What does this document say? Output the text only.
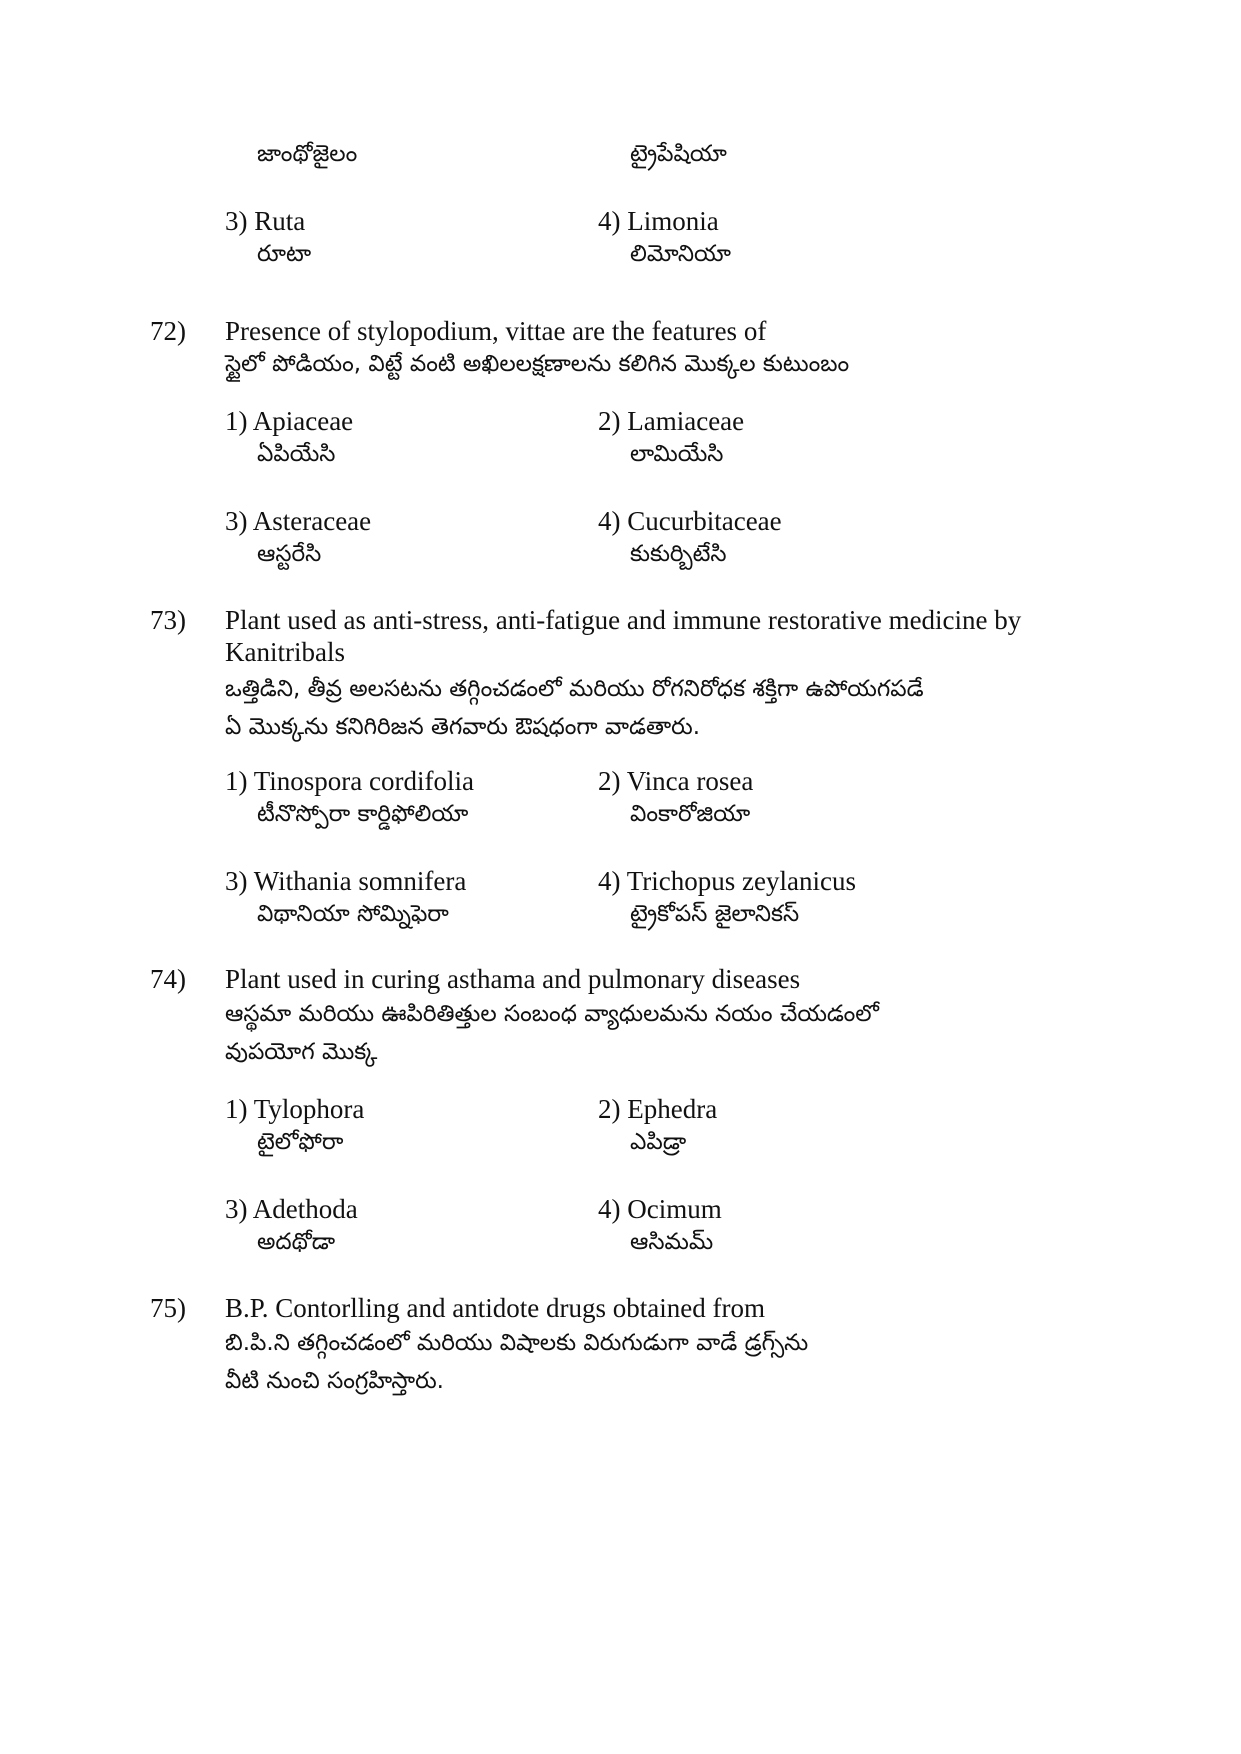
జాంథోజైలం	ట్రైపేషియా
3) Ruta
రూటా
4) Limonia
లిమోనియా
72) Presence of stylopodium, vittae are the features of
స్టైలో పోడియం, విట్టే వంటి అఖిలలక్షణాలను కలిగిన మొక్కల కుటుంబం
1) Apiaceae
ఏపియేసి
2) Lamiaceae
లామియేసి
3) Asteraceae
ఆస్టరేసి
4) Cucurbitaceae
కుకుర్బిటేసి
73) Plant used as anti-stress, anti-fatigue and immune restorative medicine by Kanitribals
ఒత్తిడిని, తీవ్ర అలసటను తగ్గించడంలో మరియు రోగనిరోధక శక్తిగా ఉపోయగపడే
ఏ మొక్కను కనిగిరిజన తెగవారు ఔషధంగా వాడతారు.
1) Tinospora cordifolia
టీనొస్పోరా కార్డిఫోలియా
2) Vinca rosea
వింకారోజియా
3) Withania somnifera
విథానియా సోమ్నిఫెరా
4) Trichopus zeylanicus
ట్రైకోపస్ జైలానికస్
74) Plant used in curing asthama and pulmonary diseases
ఆస్థమా మరియు ఊపిరితిత్తుల సంబంధ వ్యాధులమను నయం చేయడంలో
వుపయోగ మొక్క
1) Tylophora
టైలోఫోరా
2) Ephedra
ఎపిడ్రా
3) Adethoda
అదథోడా
4) Ocimum
ఆసిమమ్
75) B.P. Contorlling and antidote drugs obtained from
బి.పి.ని తగ్గించడంలో మరియు విషాలకు విరుగుడుగా వాడే డ్రగ్స్‌ను
వీటి నుంచి సంగ్రహిస్తారు.
